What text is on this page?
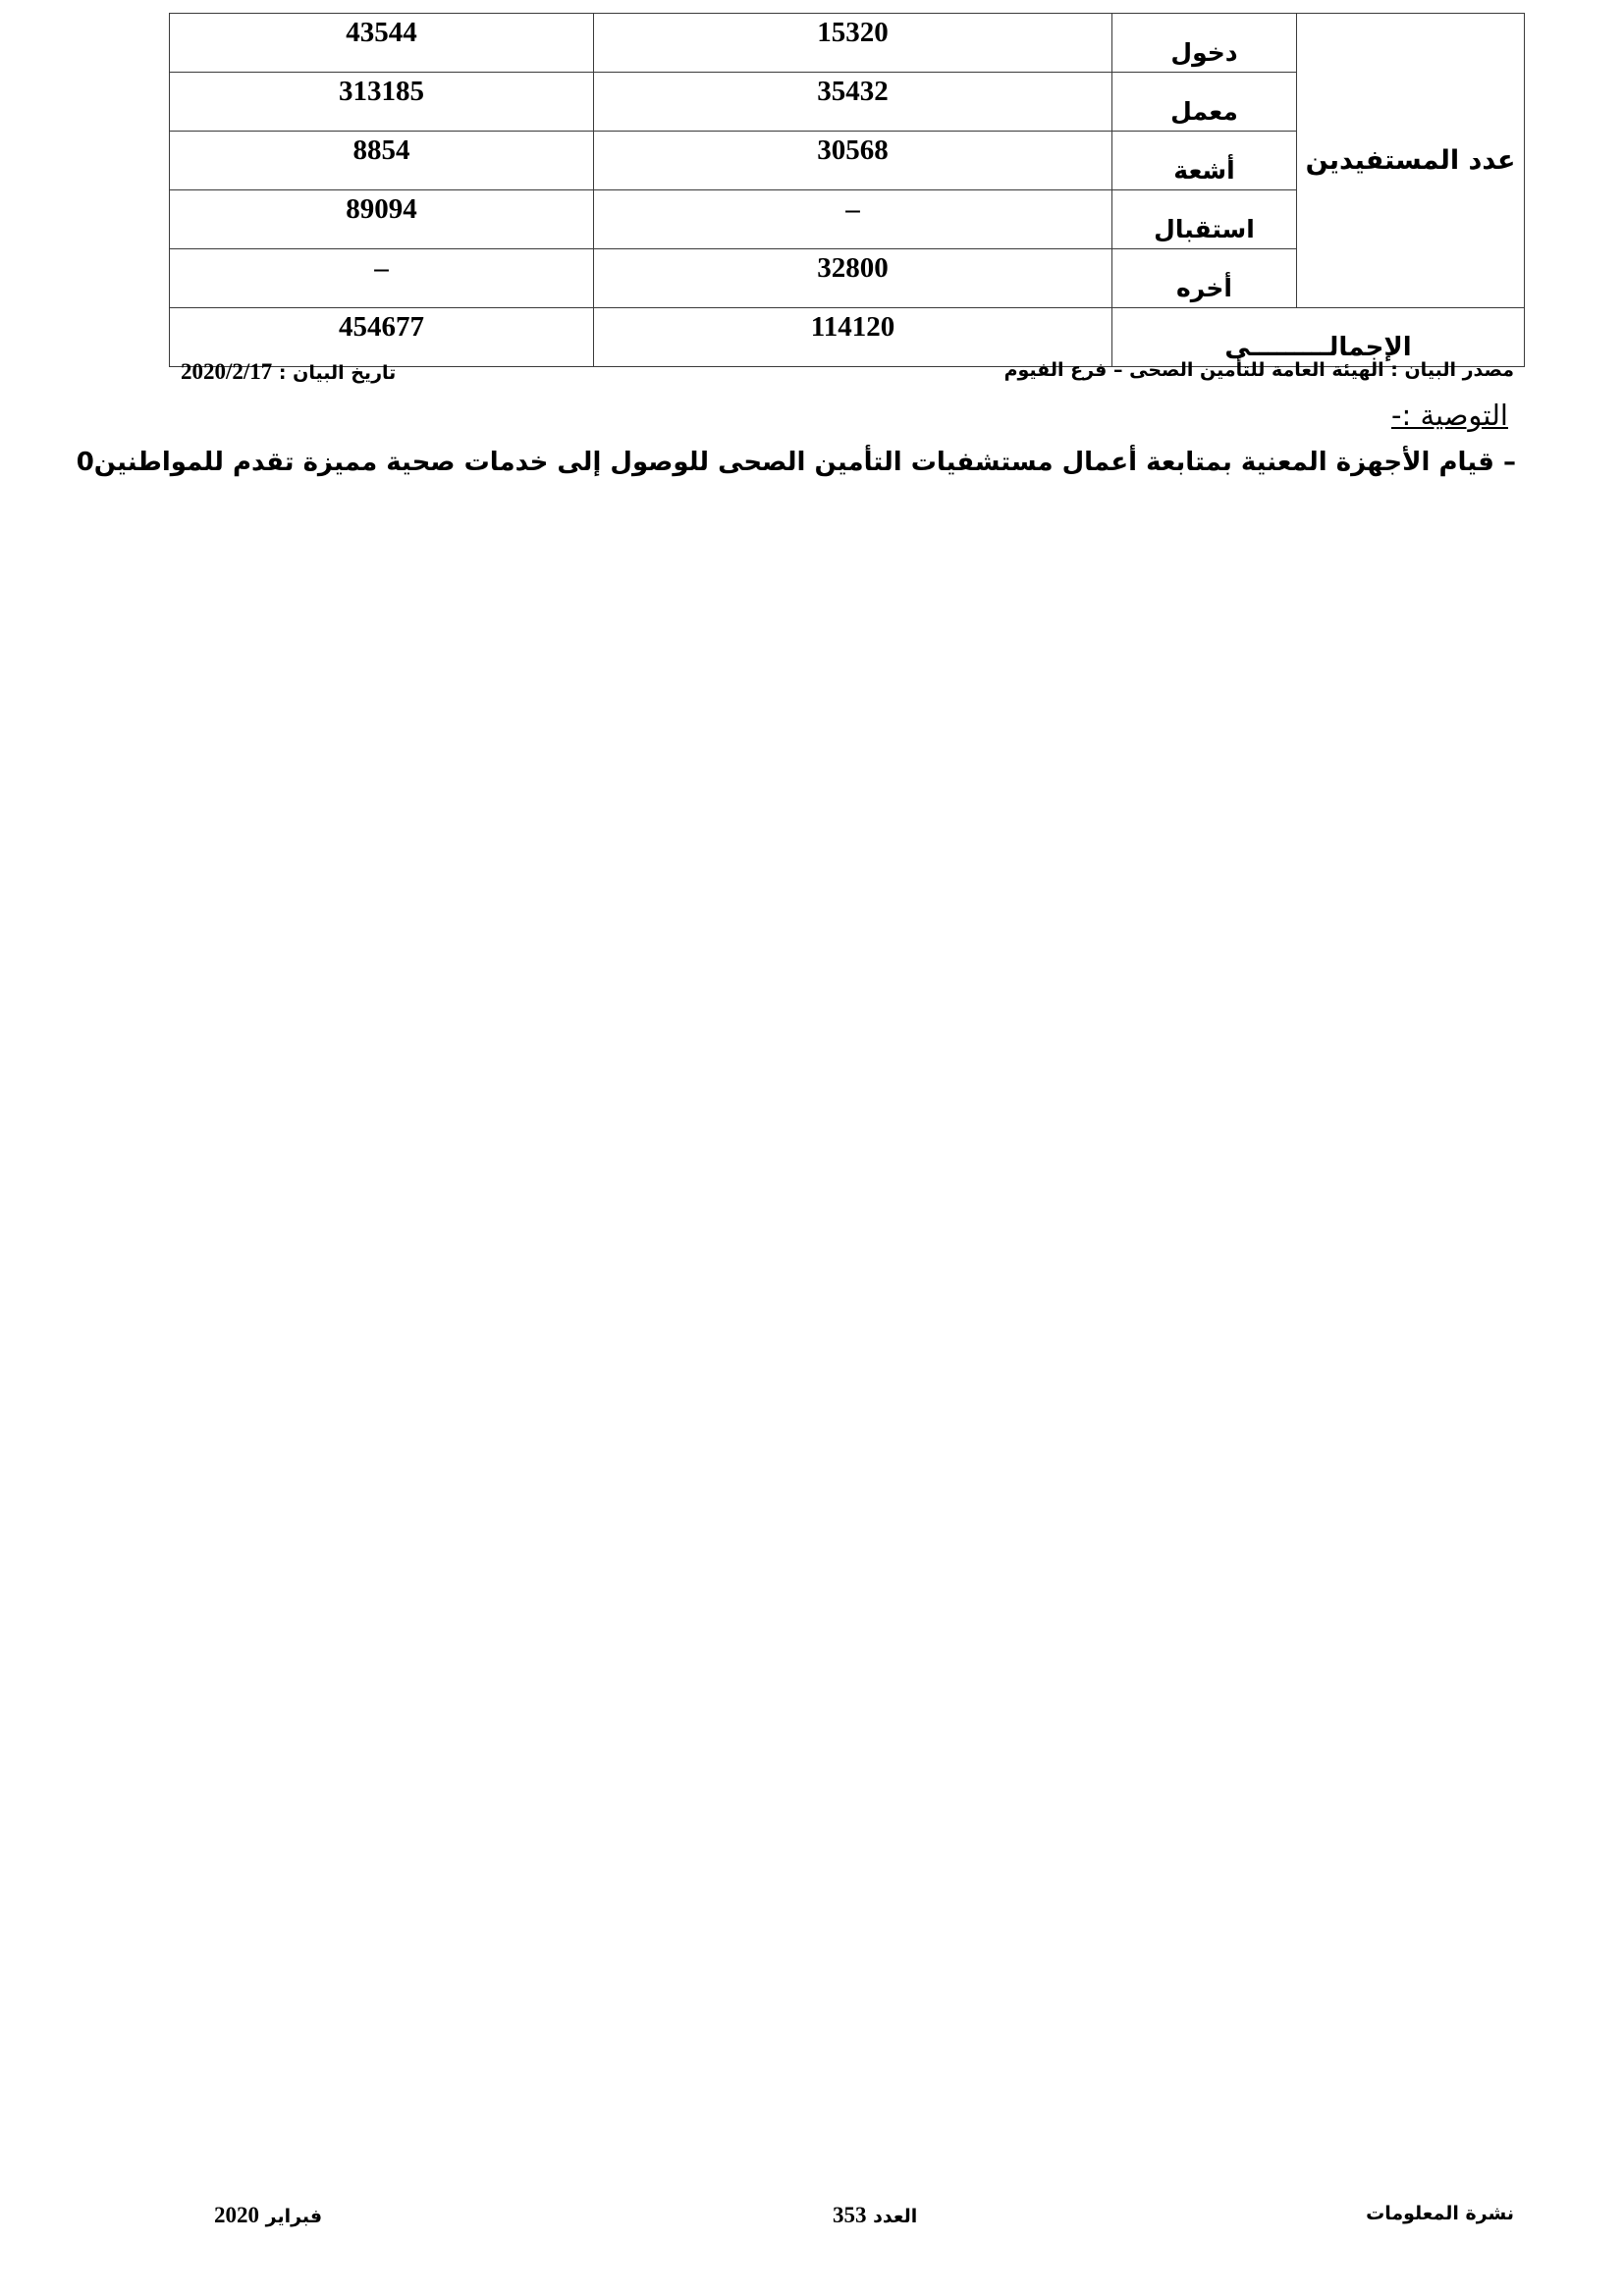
43544	15320	دخول	عدد المستفيدين
313185	35432	معمل	
8854	30568	أشعة	
89094	–	استقبال	
–	32800	أخره	
454677	114120	الإجمالـــــــــى	
مصدر البيان : الهيئة العامة للتأمين الصحى – فرع الفيوم
تاريخ البيان : 2020/2/17
التوصية :-
– قيام الأجهزة المعنية بمتابعة أعمال مستشفيات التأمين الصحى للوصول إلى خدمات صحية مميزة تقدم للمواطنين0
نشرة المعلومات
العدد 353
فبراير 2020
